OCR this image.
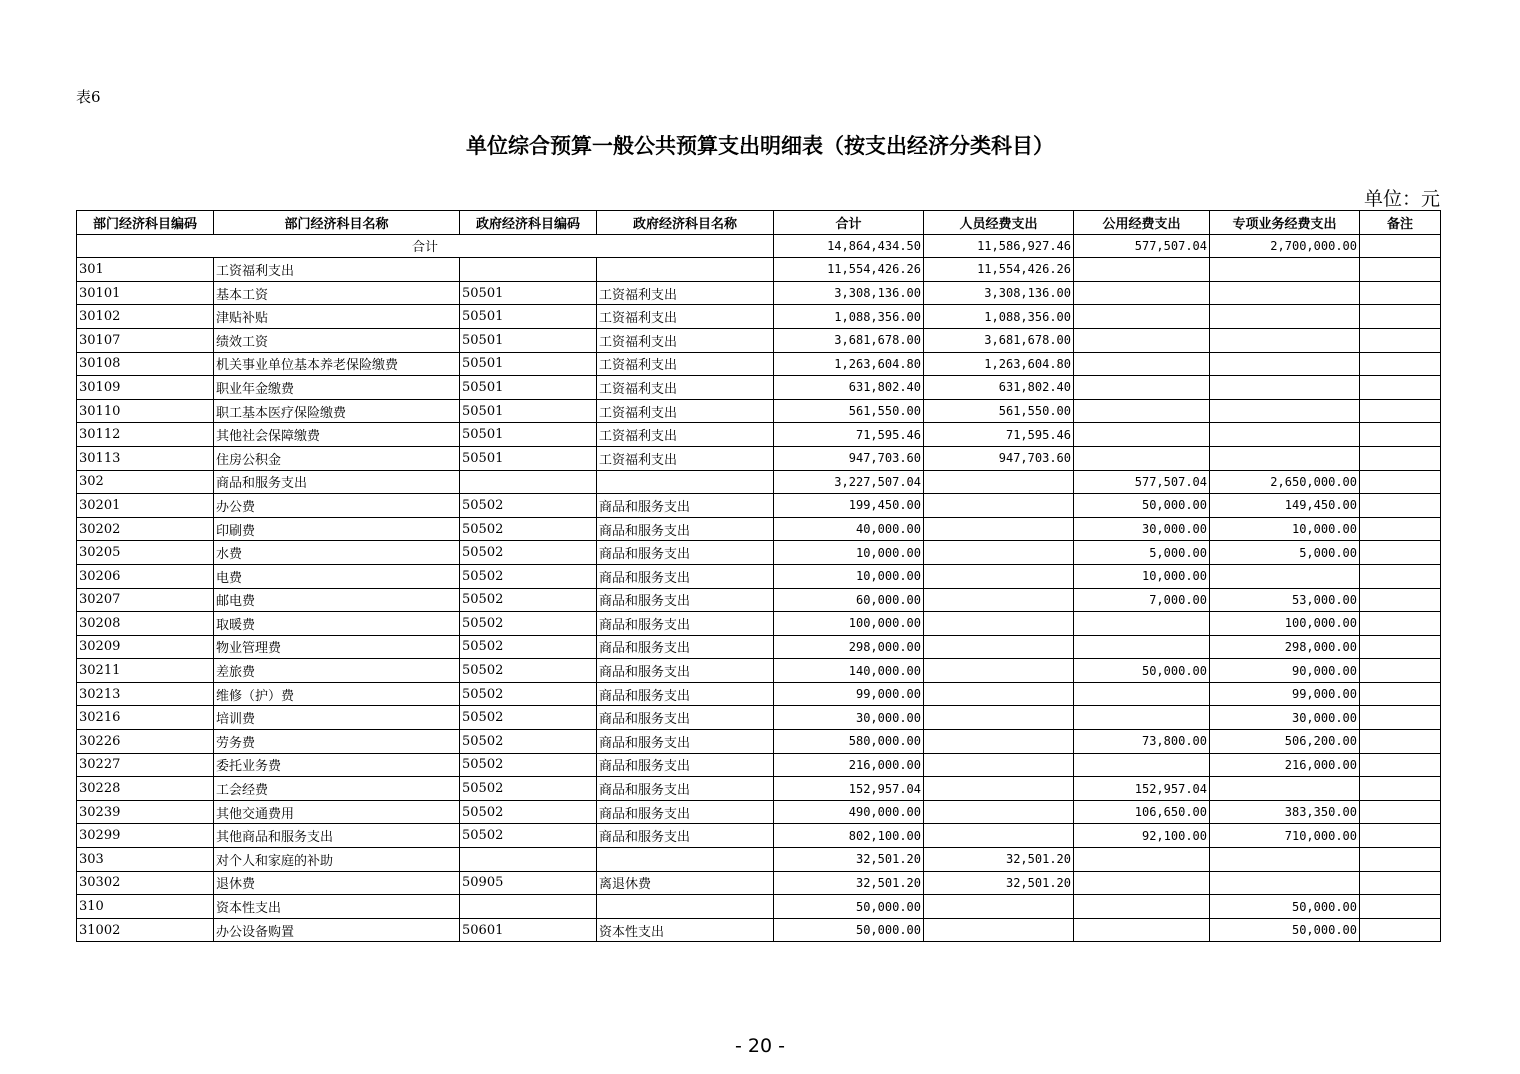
表6
单位综合预算一般公共预算支出明细表（按支出经济分类科目）
单位：元
部门经济科目编码	部门经济科目名称	政府经济科目编码	政府经济科目名称	合计	人员经费支出	公用经费支出	专项业务经费支出	备注
合计				14,864,434.50	11,586,927.46	577,507.04	2,700,000.00	
301	工资福利支出			11,554,426.26	11,554,426.26			
30101	基本工资	50501	工资福利支出	3,308,136.00	3,308,136.00			
30102	津贴补贴	50501	工资福利支出	1,088,356.00	1,088,356.00			
30107	绩效工资	50501	工资福利支出	3,681,678.00	3,681,678.00			
30108	机关事业单位基本养老保险缴费	50501	工资福利支出	1,263,604.80	1,263,604.80			
30109	职业年金缴费	50501	工资福利支出	631,802.40	631,802.40			
30110	职工基本医疗保险缴费	50501	工资福利支出	561,550.00	561,550.00			
30112	其他社会保障缴费	50501	工资福利支出	71,595.46	71,595.46			
30113	住房公积金	50501	工资福利支出	947,703.60	947,703.60			
302	商品和服务支出			3,227,507.04		577,507.04	2,650,000.00	
30201	办公费	50502	商品和服务支出	199,450.00		50,000.00	149,450.00	
30202	印刷费	50502	商品和服务支出	40,000.00		30,000.00	10,000.00	
30205	水费	50502	商品和服务支出	10,000.00		5,000.00	5,000.00	
30206	电费	50502	商品和服务支出	10,000.00		10,000.00		
30207	邮电费	50502	商品和服务支出	60,000.00		7,000.00	53,000.00	
30208	取暖费	50502	商品和服务支出	100,000.00			100,000.00	
30209	物业管理费	50502	商品和服务支出	298,000.00			298,000.00	
30211	差旅费	50502	商品和服务支出	140,000.00		50,000.00	90,000.00	
30213	维修（护）费	50502	商品和服务支出	99,000.00			99,000.00	
30216	培训费	50502	商品和服务支出	30,000.00			30,000.00	
30226	劳务费	50502	商品和服务支出	580,000.00		73,800.00	506,200.00	
30227	委托业务费	50502	商品和服务支出	216,000.00			216,000.00	
30228	工会经费	50502	商品和服务支出	152,957.04		152,957.04		
30239	其他交通费用	50502	商品和服务支出	490,000.00		106,650.00	383,350.00	
30299	其他商品和服务支出	50502	商品和服务支出	802,100.00		92,100.00	710,000.00	
303	对个人和家庭的补助			32,501.20	32,501.20			
30302	退休费	50905	离退休费	32,501.20	32,501.20			
310	资本性支出			50,000.00			50,000.00	
31002	办公设备购置	50601	资本性支出	50,000.00			50,000.00	
- 20 -
